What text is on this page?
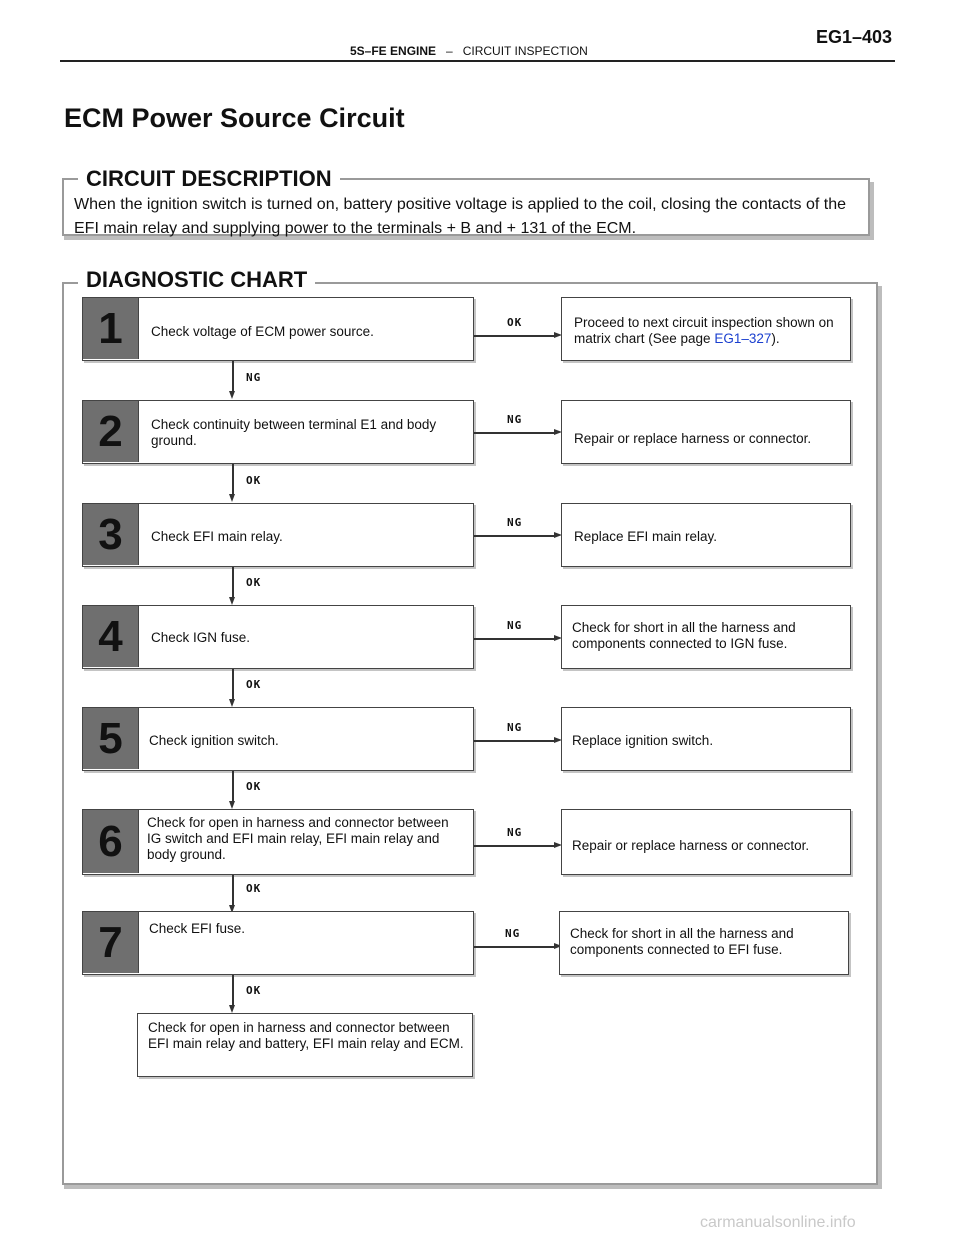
5S–FE ENGINE – CIRCUIT INSPECTION
EG1–403
ECM Power Source Circuit
CIRCUIT DESCRIPTION
When the ignition switch is turned on, battery positive voltage is applied to the coil, closing the contacts of the EFI main relay and supplying power to the terminals + B and + 131 of the ECM.
DIAGNOSTIC CHART
1	Check voltage of ECM power source.
OK	Proceed to next circuit inspection shown on matrix chart (See page EG1–327).
NG
2	Check continuity between terminal E1 and body ground.
NG
Repair or replace harness or connector.
OK
3	Check EFI main relay.
NG
Replace EFI main relay.
OK
4	Check IGN fuse.
NG	Check for short in all the harness and components connected to IGN fuse.
OK
5	Check ignition switch.
NG
Replace ignition switch.
OK
6	Check for open in harness and connector between IG switch and EFI main relay, EFI main relay and body ground.
NG
Repair or replace harness or connector.
OK
7	Check EFI fuse.	NG	Check for short in all the harness and components connected to EFI fuse.
OK
Check for open in harness and connector between EFI main relay and battery, EFI main relay and ECM.
carmanualsonline.info
